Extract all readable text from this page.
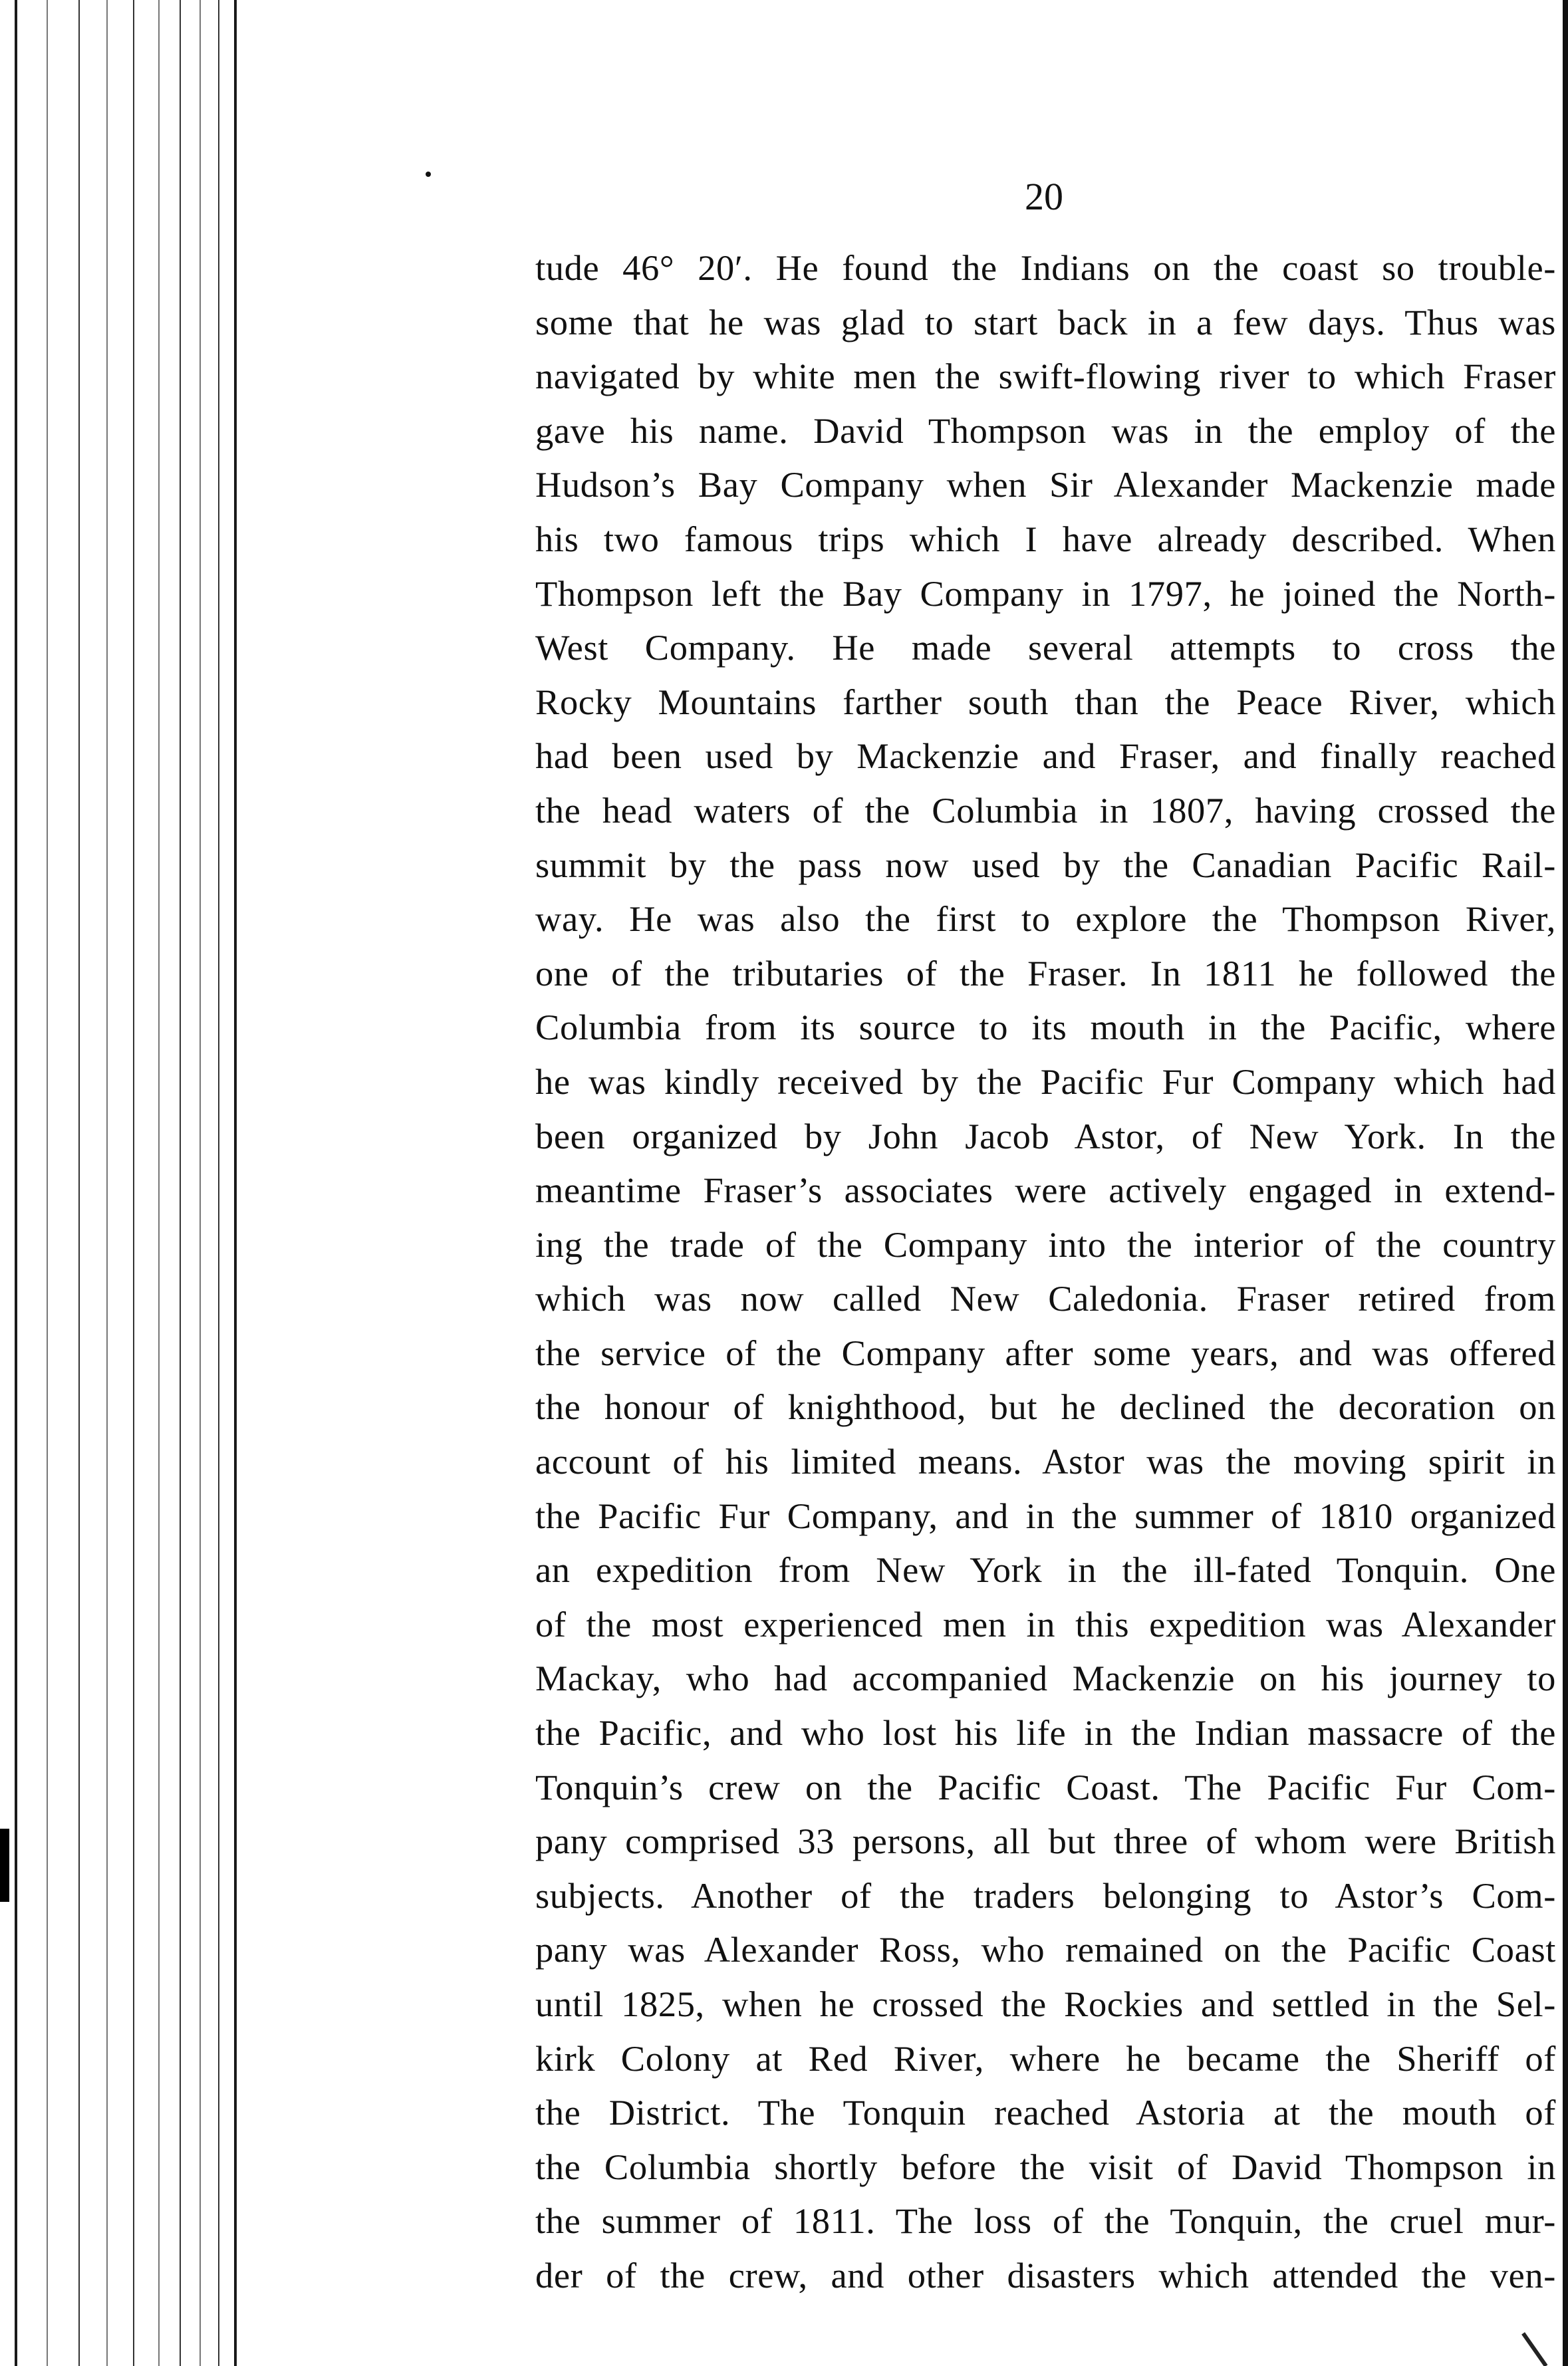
20
tude 46° 20′. He found the Indians on the coast so trouble-
some that he was glad to start back in a few days. Thus was
navigated by white men the swift-flowing river to which Fraser
gave his name. David Thompson was in the employ of the
Hudson’s Bay Company when Sir Alexander Mackenzie made
his two famous trips which I have already described. When
Thompson left the Bay Company in 1797, he joined the North-
West Company. He made several attempts to cross the
Rocky Mountains farther south than the Peace River, which
had been used by Mackenzie and Fraser, and finally reached
the head waters of the Columbia in 1807, having crossed the
summit by the pass now used by the Canadian Pacific Rail-
way. He was also the first to explore the Thompson River,
one of the tributaries of the Fraser. In 1811 he followed the
Columbia from its source to its mouth in the Pacific, where
he was kindly received by the Pacific Fur Company which had
been organized by John Jacob Astor, of New York. In the
meantime Fraser’s associates were actively engaged in extend-
ing the trade of the Company into the interior of the country
which was now called New Caledonia. Fraser retired from
the service of the Company after some years, and was offered
the honour of knighthood, but he declined the decoration on
account of his limited means. Astor was the moving spirit in
the Pacific Fur Company, and in the summer of 1810 organized
an expedition from New York in the ill-fated Tonquin. One
of the most experienced men in this expedition was Alexander
Mackay, who had accompanied Mackenzie on his journey to
the Pacific, and who lost his life in the Indian massacre of the
Tonquin’s crew on the Pacific Coast. The Pacific Fur Com-
pany comprised 33 persons, all but three of whom were British
subjects. Another of the traders belonging to Astor’s Com-
pany was Alexander Ross, who remained on the Pacific Coast
until 1825, when he crossed the Rockies and settled in the Sel-
kirk Colony at Red River, where he became the Sheriff of
the District. The Tonquin reached Astoria at the mouth of
the Columbia shortly before the visit of David Thompson in
the summer of 1811. The loss of the Tonquin, the cruel mur-
der of the crew, and other disasters which attended the ven-
